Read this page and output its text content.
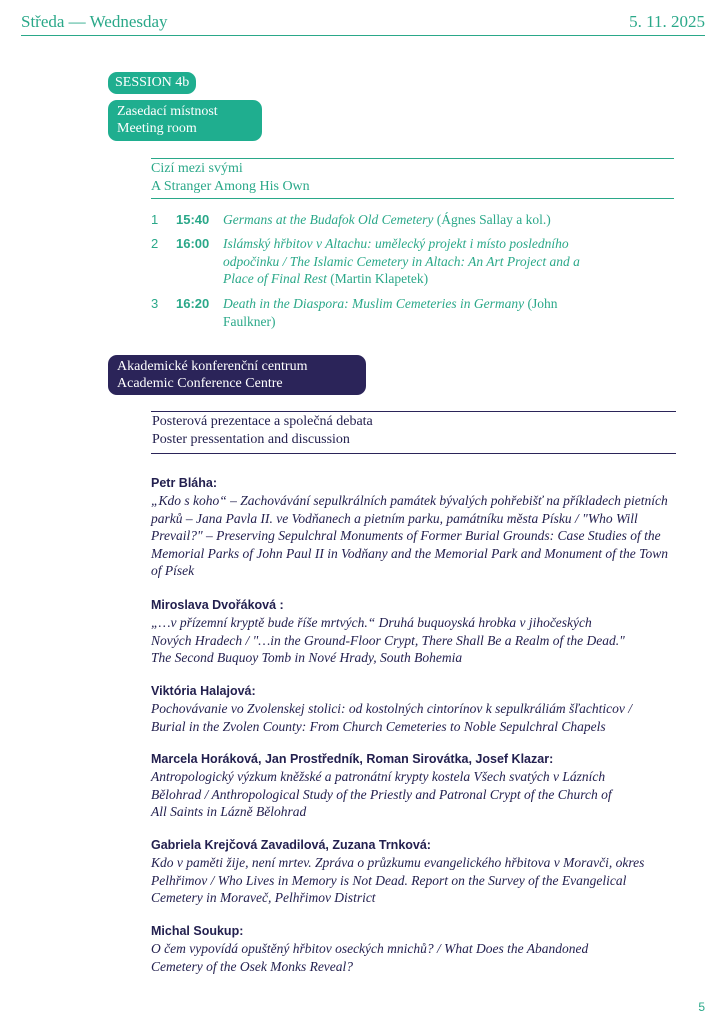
Středa — Wednesday	5. 11. 2025
SESSION 4b
Zasedací místnost
Meeting room
Cizí mezi svými
A Stranger Among His Own
1 15:40 Germans at the Budafok Old Cemetery (Ágnes Sallay a kol.)
2 16:00 Islámský hřbitov v Altachu: umělecký projekt i místo posledního odpočinku / The Islamic Cemetery in Altach: An Art Project and a Place of Final Rest (Martin Klapetek)
3 16:20 Death in the Diaspora: Muslim Cemeteries in Germany (John Faulkner)
Akademické konferenční centrum
Academic Conference Centre
Posterová prezentace a společná debata
Poster pressentation and discussion
Petr Bláha:
„Kdo s koho“ – Zachovávání sepulkrálních památek bývalých pohřebišť na příkladech pietních parků – Jana Pavla II. ve Vodňanech a pietním parku, památníku města Písku / "Who Will Prevail?" – Preserving Sepulchral Monuments of Former Burial Grounds: Case Studies of the Memorial Parks of John Paul II in Vodňany and the Memorial Park and Monument of the Town of Písek
Miroslava Dvořáková :
„…v přízemní kryptě bude říše mrtvých.“ Druhá buquoyská hrobka v jihočeských Nových Hradech / "…in the Ground-Floor Crypt, There Shall Be a Realm of the Dead." The Second Buquoy Tomb in Nové Hrady, South Bohemia
Viktória Halajová:
Pochovávanie vo Zvolenskej stolici: od kostolných cintorínov k sepulkráliám šľachticov / Burial in the Zvolen County: From Church Cemeteries to Noble Sepulchral Chapels
Marcela Horáková, Jan Prostředník, Roman Sirovátka, Josef Klazar:
Antropologický výzkum kněžské a patronátní krypty kostela Všech svatých v Lázních Bělohrad / Anthropological Study of the Priestly and Patronal Crypt of the Church of All Saints in Lázně Bělohrad
Gabriela Krejčová Zavadilová, Zuzana Trnková:
Kdo v paměti žije, není mrtev. Zpráva o průzkumu evangelického hřbitova v Moravči, okres Pelhřimov / Who Lives in Memory is Not Dead. Report on the Survey of the Evangelical Cemetery in Moraveč, Pelhřimov District
Michal Soukup:
O čem vypovídá opuštěný hřbitov oseckých mnichů? / What Does the Abandoned Cemetery of the Osek Monks Reveal?
5
